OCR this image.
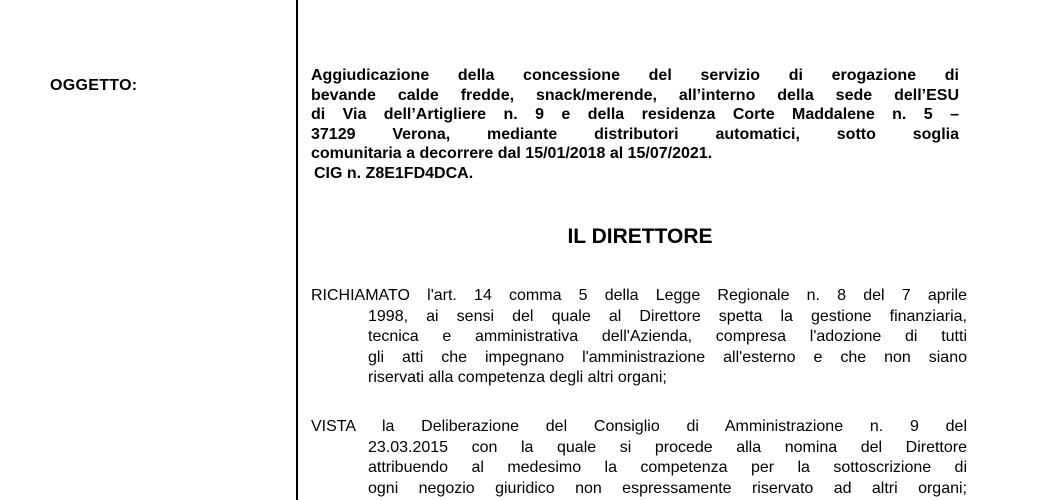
OGGETTO:
Aggiudicazione della concessione del servizio di erogazione di
bevande calde fredde, snack/merende, all’interno della sede dell’ESU
di Via dell’Artigliere n. 9 e della residenza Corte Maddalene n. 5 –
37129 Verona, mediante distributori automatici, sotto soglia
comunitaria a decorrere dal 15/01/2018 al 15/07/2021.
CIG n. Z8E1FD4DCA.
IL DIRETTORE
RICHIAMATO l'art. 14 comma 5 della Legge Regionale n. 8 del 7 aprile
1998, ai sensi del quale al Direttore spetta la gestione finanziaria,
tecnica e amministrativa dell'Azienda, compresa l'adozione di tutti
gli atti che impegnano l'amministrazione all'esterno e che non siano
riservati alla competenza degli altri organi;
VISTA la Deliberazione del Consiglio di Amministrazione n. 9 del
23.03.2015 con la quale si procede alla nomina del Direttore
attribuendo al medesimo la competenza per la sottoscrizione di
ogni negozio giuridico non espressamente riservato ad altri organi;
